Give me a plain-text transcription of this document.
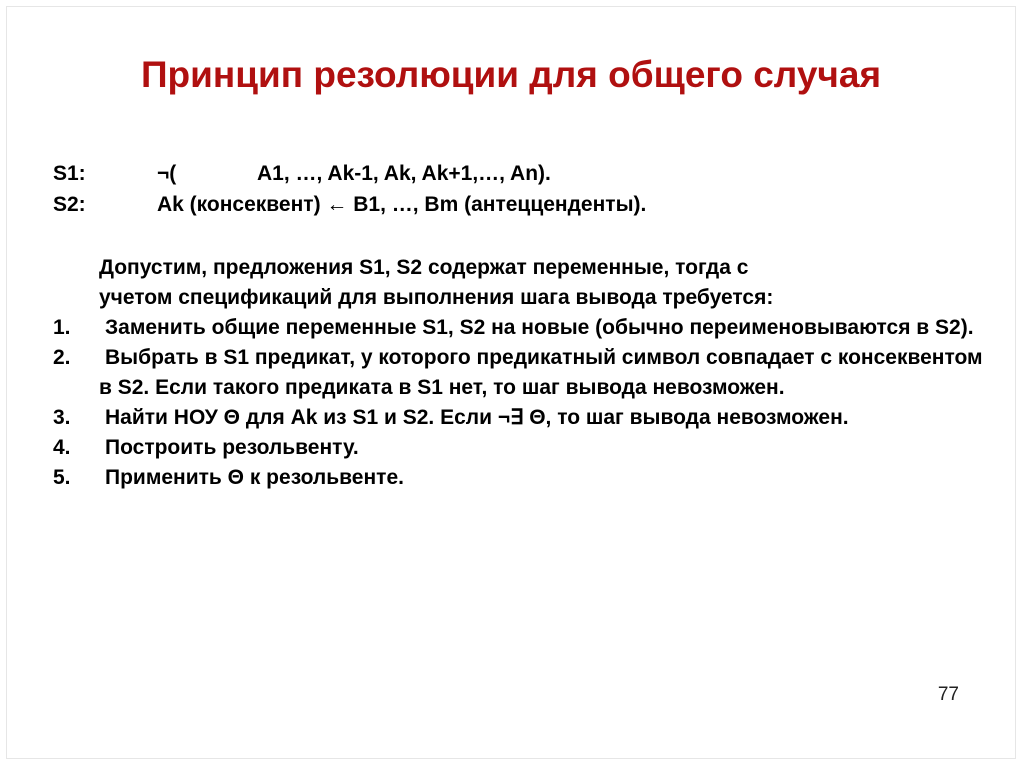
Принцип резолюции для общего случая
S1:	¬(	A1, …, Ak-1, Ak, Ak+1,…, An).
S2:	Ak (консеквент) ← B1, …, Bm (антецценденты).

Допустим, предложения S1, S2 содержат переменные, тогда с

учетом спецификаций для выполнения шага вывода требуется:

1. Заменить общие переменные S1, S2 на новые (обычно переименовываются в S2).
2. Выбрать в S1 предикат, у которого предикатный символ совпадает с консеквентом в S2. Если такого предиката в S1 нет, то шаг вывода невозможен.
3. Найти НОУ Θ для Ak из S1 и S2. Если ¬∃ Θ, то шаг вывода невозможен.
4. Построить резольвенту.
5. Применить Θ к резольвенте.
77
